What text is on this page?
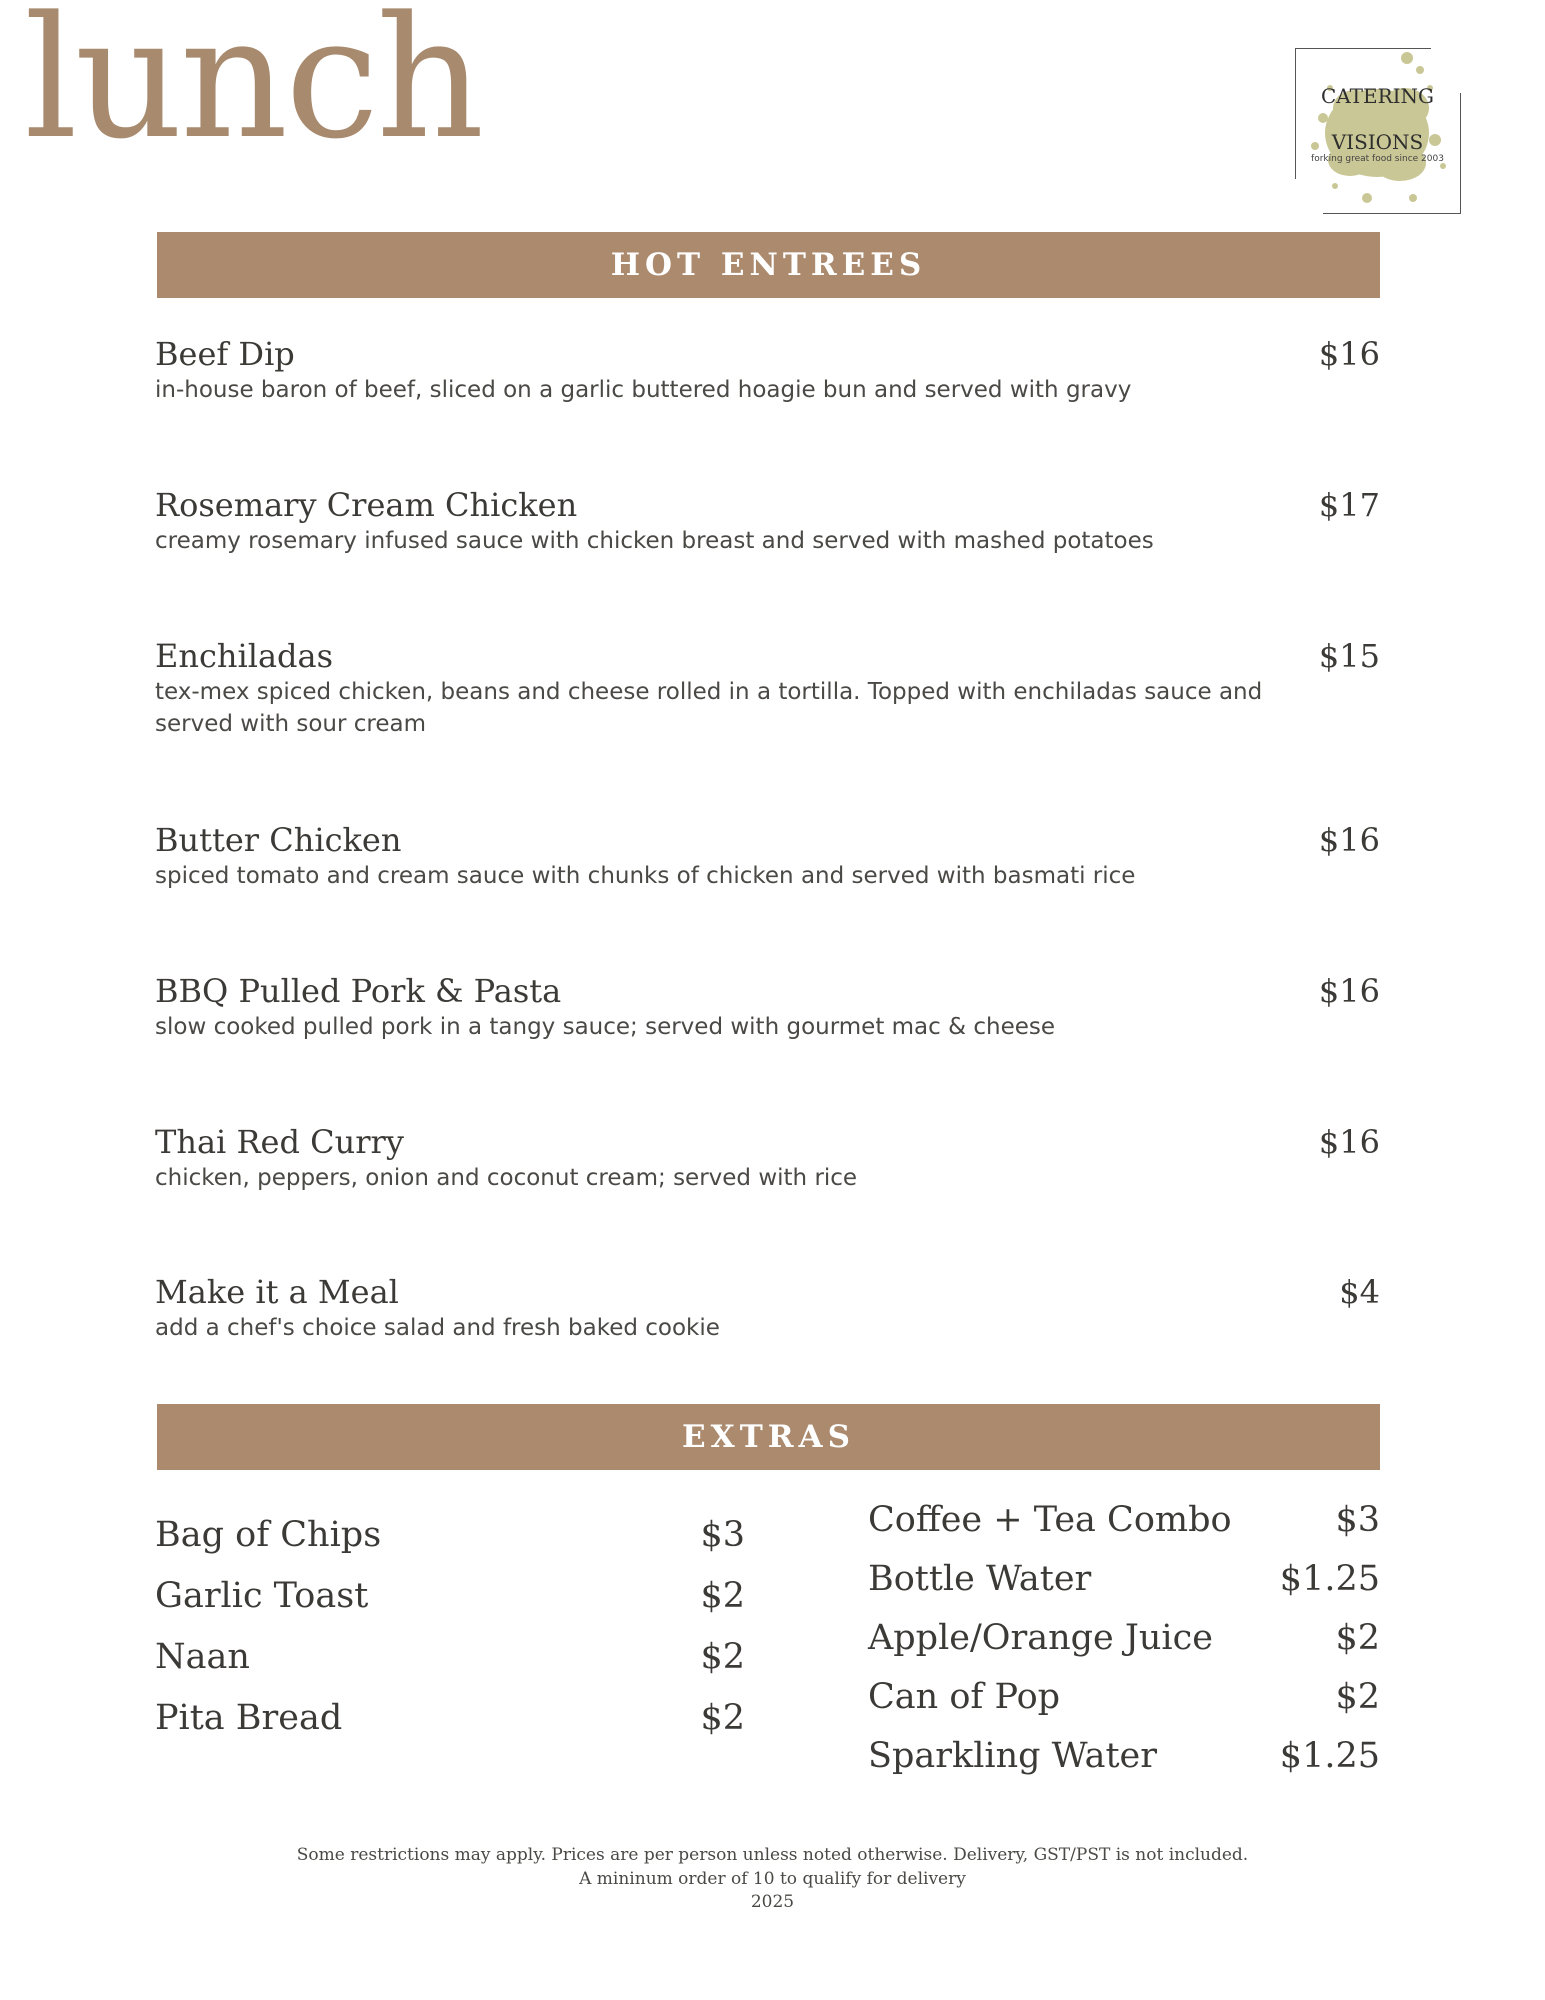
lunch	CATERING
VISIONS
forking great food since 2003
HOT ENTREES
Beef Dip	$16
in-house baron of beef, sliced on a garlic buttered hoagie bun and served with gravy
Rosemary Cream Chicken	$17
creamy rosemary infused sauce with chicken breast and served with mashed potatoes
Enchiladas	$15
tex-mex spiced chicken, beans and cheese rolled in a tortilla. Topped with enchiladas sauce and served with sour cream
Butter Chicken	$16
spiced tomato and cream sauce with chunks of chicken and served with basmati rice
BBQ Pulled Pork & Pasta	$16
slow cooked pulled pork in a tangy sauce; served with gourmet mac & cheese
Thai Red Curry	$16
chicken, peppers, onion and coconut cream; served with rice
Make it a Meal	$4
add a chef's choice salad and fresh baked cookie
EXTRAS
Bag of Chips	$3
Garlic Toast	$2
Naan	$2
Pita Bread	$2
Coffee + Tea Combo	$3
Bottle Water	$1.25
Apple/Orange Juice	$2
Can of Pop	$2
Sparkling Water	$1.25
Some restrictions may apply. Prices are per person unless noted otherwise. Delivery, GST/PST is not included.
A mininum order of 10 to qualify for delivery
2025
